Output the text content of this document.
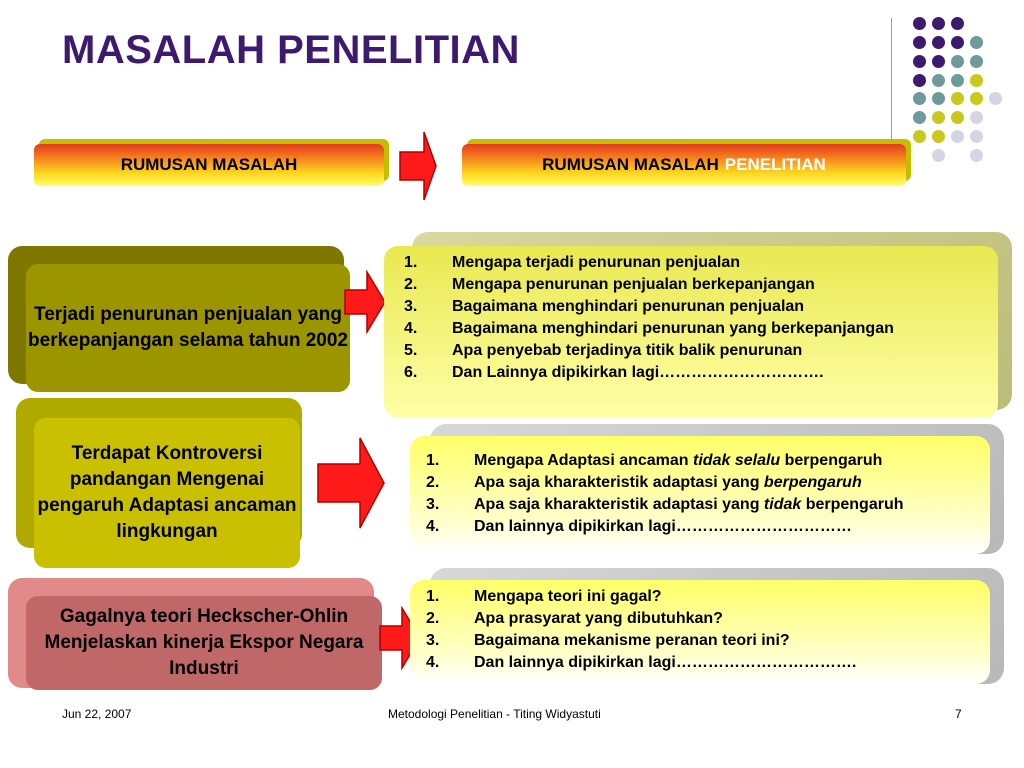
MASALAH PENELITIAN
RUMUSAN MASALAH	RUMUSAN MASALAH PENELITIAN
Terjadi penurunan penjualan yang berkepanjangan selama tahun 2002
1.	Mengapa terjadi penurunan penjualan
2.	Mengapa penurunan penjualan berkepanjangan
3.	Bagaimana menghindari penurunan penjualan
4.	Bagaimana menghindari penurunan yang berkepanjangan
5.	Apa penyebab terjadinya titik balik penurunan
6.	Dan Lainnya dipikirkan lagi………………………….
Terdapat Kontroversi pandangan Mengenai pengaruh Adaptasi ancaman lingkungan
1.	Mengapa Adaptasi ancaman tidak selalu berpengaruh
2.	Apa saja kharakteristik adaptasi yang berpengaruh
3.	Apa saja kharakteristik adaptasi yang tidak berpengaruh
4.	Dan lainnya dipikirkan lagi……………………………
Gagalnya teori Heckscher-Ohlin Menjelaskan kinerja Ekspor Negara Industri
1.	Mengapa teori ini gagal?
2.	Apa prasyarat yang dibutuhkan?
3.	Bagaimana mekanisme peranan teori ini?
4.	Dan lainnya dipikirkan lagi…………………………….
Jun 22, 2007	Metodologi Penelitian - Titing Widyastuti	7
